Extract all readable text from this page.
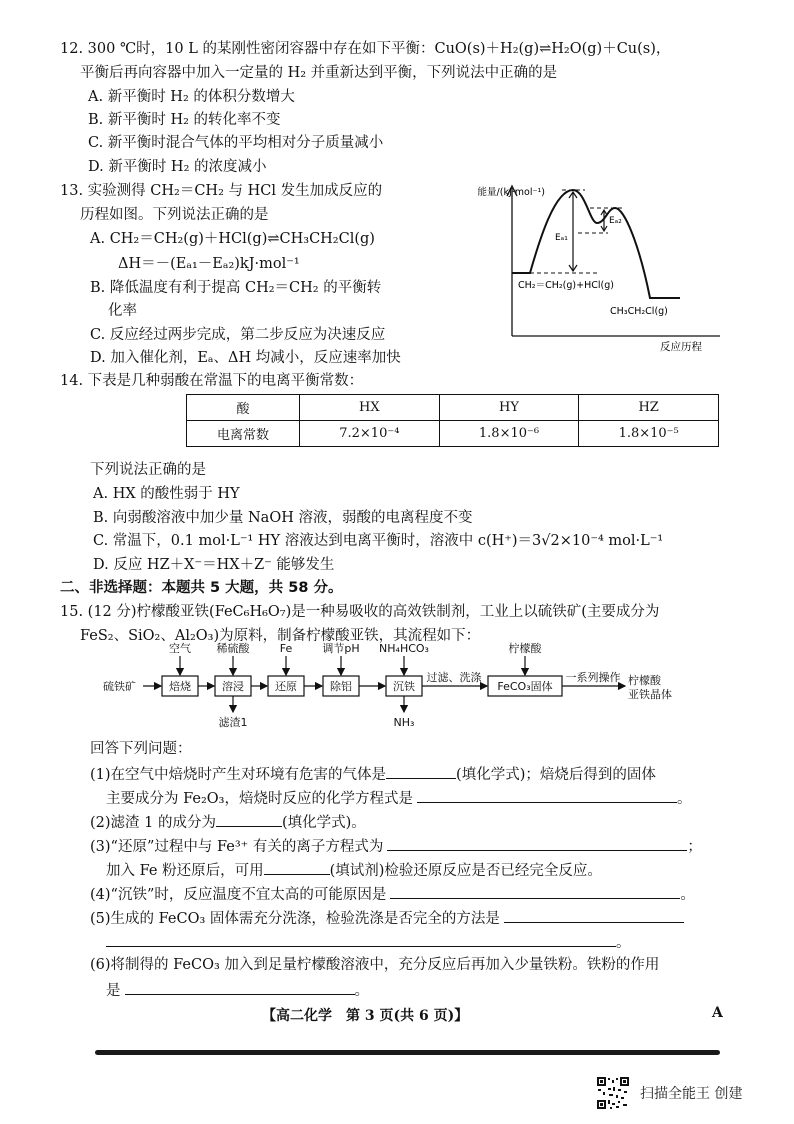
12. 300 ℃时，10 L 的某刚性密闭容器中存在如下平衡：CuO(s)＋H₂(g)⇌H₂O(g)＋Cu(s)，
平衡后再向容器中加入一定量的 H₂ 并重新达到平衡，下列说法中正确的是
A. 新平衡时 H₂ 的体积分数增大
B. 新平衡时 H₂ 的转化率不变
C. 新平衡时混合气体的平均相对分子质量减小
D. 新平衡时 H₂ 的浓度减小
13. 实验测得 CH₂＝CH₂ 与 HCl 发生加成反应的
历程如图。下列说法正确的是
A. CH₂＝CH₂(g)＋HCl(g)⇌CH₃CH₂Cl(g)
ΔH＝－(Eₐ₁－Eₐ₂)kJ·mol⁻¹
B. 降低温度有利于提高 CH₂＝CH₂ 的平衡转
化率
C. 反应经过两步完成，第二步反应为决速反应
D. 加入催化剂，Eₐ、ΔH 均减小，反应速率加快
能量/(kJ·mol⁻¹)
Eₐ₁
Eₐ₂
CH₂＝CH₂(g)+HCl(g)
CH₃CH₂Cl(g)
反应历程
14. 下表是几种弱酸在常温下的电离平衡常数：
酸	HX	HY	HZ
电离常数	7.2×10⁻⁴	1.8×10⁻⁶	1.8×10⁻⁵
下列说法正确的是
A. HX 的酸性弱于 HY
B. 向弱酸溶液中加少量 NaOH 溶液，弱酸的电离程度不变
C. 常温下，0.1 mol·L⁻¹ HY 溶液达到电离平衡时，溶液中 c(H⁺)＝3√2×10⁻⁴ mol·L⁻¹
D. 反应 HZ＋X⁻＝HX＋Z⁻ 能够发生
二、非选择题：本题共 5 大题，共 58 分。
15. (12 分)柠檬酸亚铁(FeC₆H₆O₇)是一种易吸收的高效铁制剂，工业上以硫铁矿(主要成分为
FeS₂、SiO₂、Al₂O₃)为原料，制备柠檬酸亚铁，其流程如下：
硫铁矿	焙烧	溶浸	还原	除铝	沉铁	FeCO₃固体
空气 稀硫酸	Fe	调节pH NH₄HCO₃	柠檬酸
滤渣1	NH₃
过滤、洗涤	一系列操作 柠檬酸
亚铁晶体
回答下列问题：
(1)在空气中焙烧时产生对环境有危害的气体是	(填化学式)；焙烧后得到的固体
主要成分为 Fe₂O₃，焙烧时反应的化学方程式是	。
(2)滤渣 1 的成分为	(填化学式)。
(3)“还原”过程中与 Fe³⁺ 有关的离子方程式为	；
加入 Fe 粉还原后，可用	(填试剂)检验还原反应是否已经完全反应。
(4)“沉铁”时，反应温度不宜太高的可能原因是	。
(5)生成的 FeCO₃ 固体需充分洗涤，检验洗涤是否完全的方法是
。
(6)将制得的 FeCO₃ 加入到足量柠檬酸溶液中，充分反应后再加入少量铁粉。铁粉的作用
是	。
【高二化学　第 3 页(共 6 页)】	A
扫描全能王 创建
